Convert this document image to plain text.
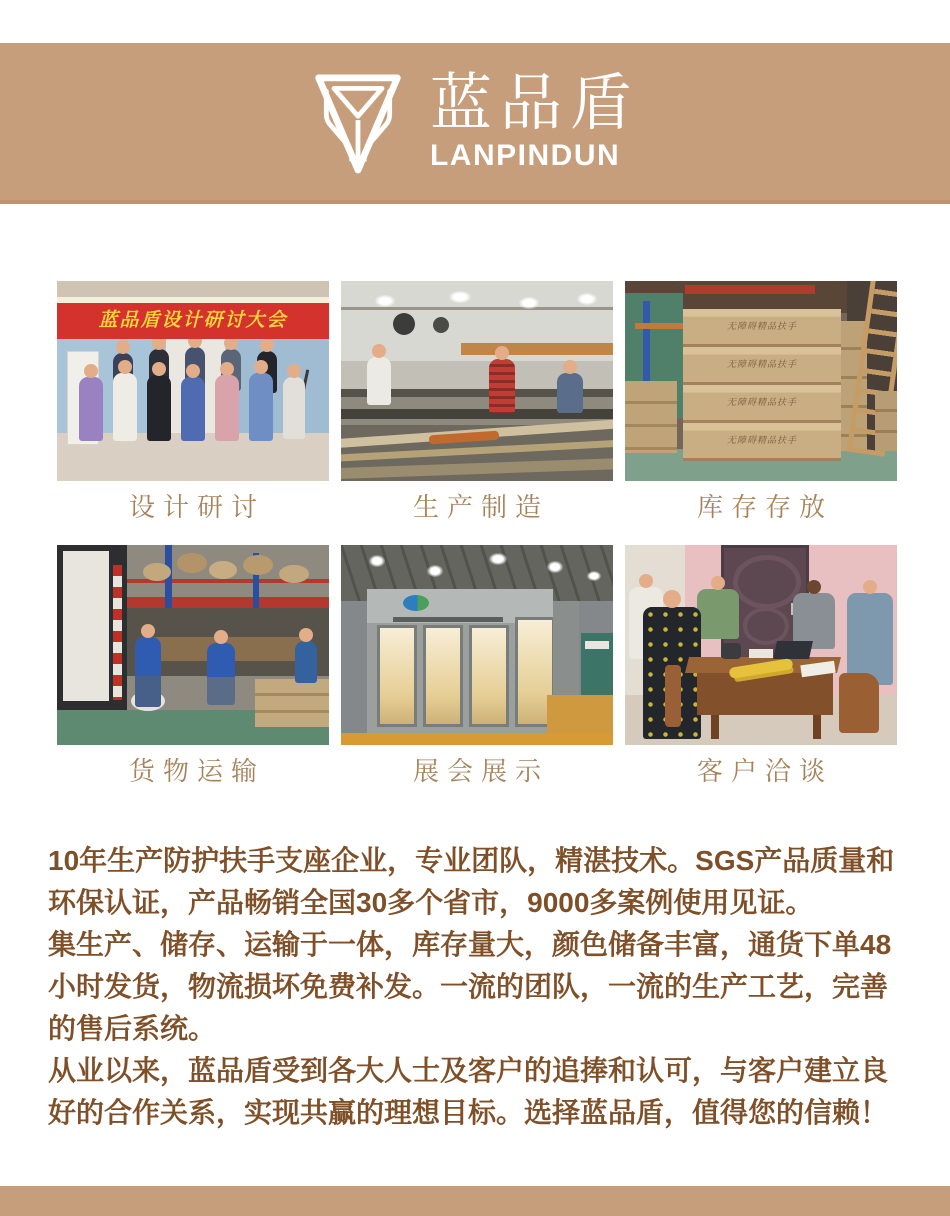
蓝品盾
LANPINDUN
蓝品盾设计研讨大会
设计研讨	生产制造
无障碍精品扶手
无障碍精品扶手
无障碍精品扶手
无障碍精品扶手
库存存放
货物运输	展会展示	客户洽谈
10年生产防护扶手支座企业，专业团队，精湛技术。SGS产品质量和
环保认证，产品畅销全国30多个省市，9000多案例使用见证。
集生产、储存、运输于一体，库存量大，颜色储备丰富，通货下单48
小时发货，物流损坏免费补发。一流的团队，一流的生产工艺，完善
的售后系统。
从业以来，蓝品盾受到各大人士及客户的追捧和认可，与客户建立良
好的合作关系，实现共赢的理想目标。选择蓝品盾，值得您的信赖！
